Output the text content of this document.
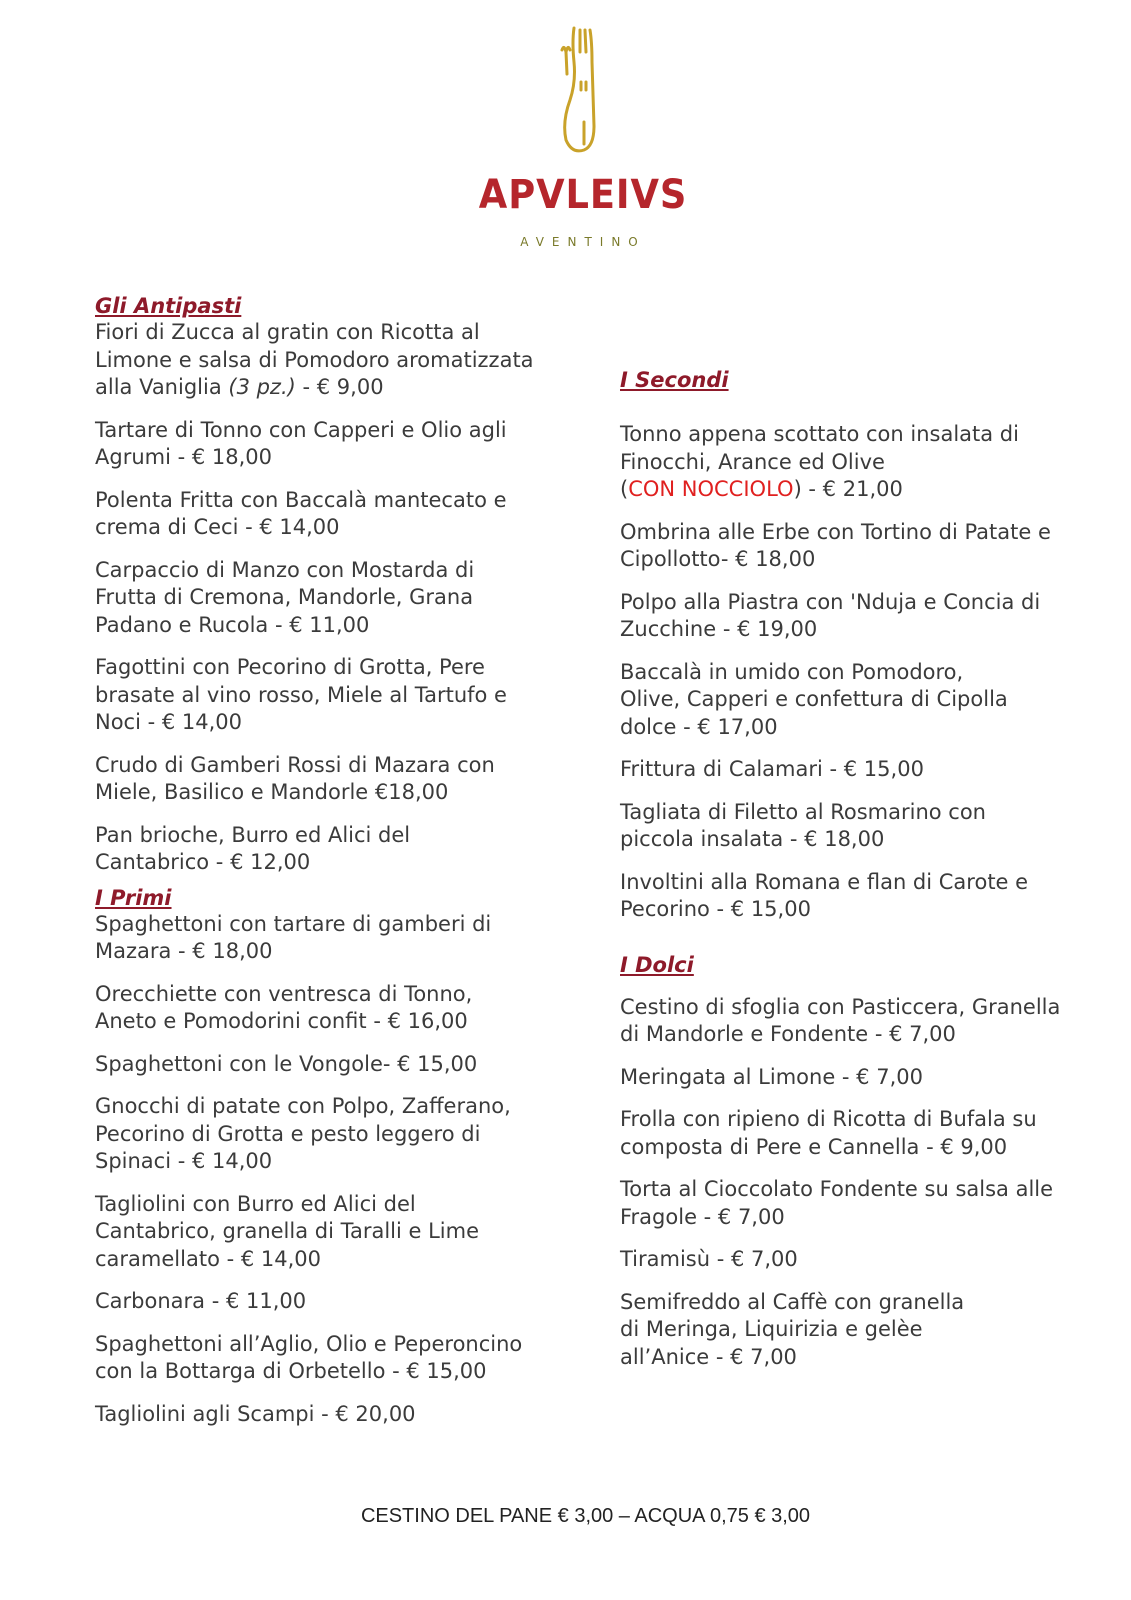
APVLEIVS
AVENTINO
Gli Antipasti
Fiori di Zucca al gratin con Ricotta al
Limone e salsa di Pomodoro aromatizzata
alla Vaniglia (3 pz.) - € 9,00
Tartare di Tonno con Capperi e Olio agli
Agrumi - € 18,00
Polenta Fritta con Baccalà mantecato e
crema di Ceci - € 14,00
Carpaccio di Manzo con Mostarda di
Frutta di Cremona, Mandorle, Grana
Padano e Rucola - € 11,00
Fagottini con Pecorino di Grotta, Pere
brasate al vino rosso, Miele al Tartufo e
Noci - € 14,00
Crudo di Gamberi Rossi di Mazara con
Miele, Basilico e Mandorle €18,00
Pan brioche, Burro ed Alici del
Cantabrico - € 12,00
I Primi
Spaghettoni con tartare di gamberi di
Mazara - € 18,00
Orecchiette con ventresca di Tonno,
Aneto e Pomodorini confit - € 16,00
Spaghettoni con le Vongole- € 15,00
Gnocchi di patate con Polpo, Zafferano,
Pecorino di Grotta e pesto leggero di
Spinaci - € 14,00
Tagliolini con Burro ed Alici del
Cantabrico, granella di Taralli e Lime
caramellato - € 14,00
Carbonara - € 11,00
Spaghettoni all’Aglio, Olio e Peperoncino
con la Bottarga di Orbetello - € 15,00
Tagliolini agli Scampi - € 20,00
I Secondi
Tonno appena scottato con insalata di
Finocchi, Arance ed Olive
(CON NOCCIOLO) - € 21,00
Ombrina alle Erbe con Tortino di Patate e
Cipollotto- € 18,00
Polpo alla Piastra con 'Nduja e Concia di
Zucchine - € 19,00
Baccalà in umido con Pomodoro,
Olive, Capperi e confettura di Cipolla
dolce - € 17,00
Frittura di Calamari - € 15,00
Tagliata di Filetto al Rosmarino con
piccola insalata - € 18,00
Involtini alla Romana e flan di Carote e
Pecorino - € 15,00
I Dolci
Cestino di sfoglia con Pasticcera, Granella
di Mandorle e Fondente - € 7,00
Meringata al Limone - € 7,00
Frolla con ripieno di Ricotta di Bufala su
composta di Pere e Cannella - € 9,00
Torta al Cioccolato Fondente su salsa alle
Fragole - € 7,00
Tiramisù - € 7,00
Semifreddo al Caffè con granella
di Meringa, Liquirizia e gelèe
all’Anice - € 7,00
CESTINO DEL PANE € 3,00 – ACQUA 0,75 € 3,00
